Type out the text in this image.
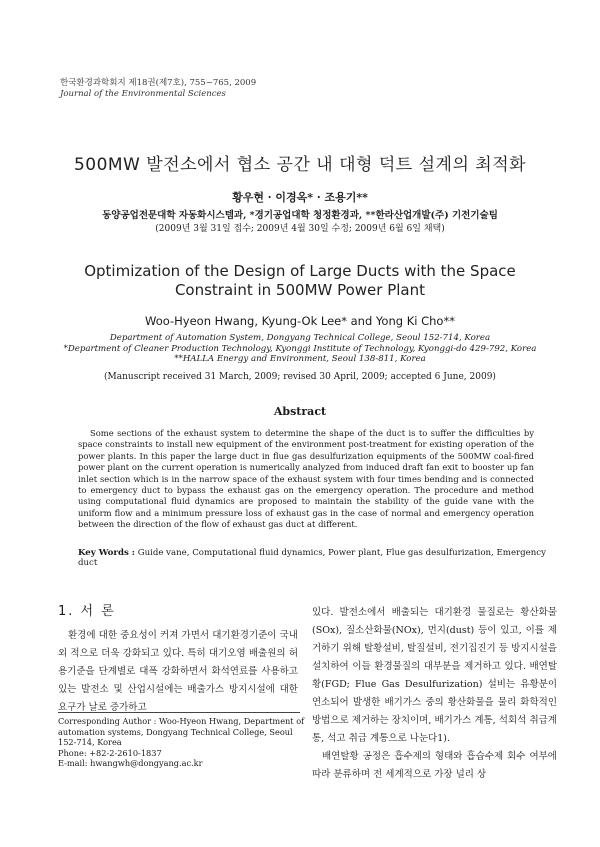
한국환경과학회지 제18권(제7호), 755~765, 2009
Journal of the Environmental Sciences
500MW 발전소에서 협소 공간 내 대형 덕트 설계의 최적화
황우현 · 이경옥* · 조용기**
동양공업전문대학 자동화시스템과, *경기공업대학 청정환경과, **한라산업개발(주) 기전기술팀
(2009년 3월 31일 접수; 2009년 4월 30일 수정; 2009년 6월 6일 채택)
Optimization of the Design of Large Ducts with the Space
Constraint in 500MW Power Plant
Woo-Hyeon Hwang, Kyung-Ok Lee* and Yong Ki Cho**
Department of Automation System, Dongyang Technical College, Seoul 152-714, Korea
*Department of Cleaner Production Technology, Kyonggi Institute of Technology, Kyonggi-do 429-792, Korea
**HALLA Energy and Environment, Seoul 138-811, Korea
(Manuscript received 31 March, 2009; revised 30 April, 2009; accepted 6 June, 2009)
Abstract

Some sections of the exhaust system to determine the shape of the duct is to suffer the difficulties by space constraints to install new equipment of the environment post-treatment for existing operation of the power plants. In this paper the large duct in flue gas desulfurization equipments of the 500MW coal-fired power plant on the current operation is numerically analyzed from induced draft fan exit to booster up fan inlet section which is in the narrow space of the exhaust system with four times bending and is connected to emergency duct to bypass the exhaust gas on the emergency operation. The procedure and method using computational fluid dynamics are proposed to maintain the stability of the guide vane with the uniform flow and a minimum pressure loss of exhaust gas in the case of normal and emergency operation between the direction of the flow of exhaust gas duct at different.

Key Words : Guide vane, Computational fluid dynamics, Power plant, Flue gas desulfurization, Emergency duct
1. 서 론

환경에 대한 중요성이 커져 가면서 대기환경기준이 국내외 적으로 더욱 강화되고 있다. 특히 대기오염 배출원의 허용기준을 단계별로 대폭 강화하면서 화석연료를 사용하고 있는 발전소 및 산업시설에는 배출가스 방지시설에 대한 요구가 날로 증가하고

있다. 발전소에서 배출되는 대기환경 물질로는 황산화물(SOx), 질소산화물(NOx), 먼지(dust) 등이 있고, 이를 제거하기 위해 탈황설비, 탈질설비, 전기집진기 등 방지시설을 설치하여 이들 환경물질의 대부분을 제거하고 있다. 배연탈황(FGD; Flue Gas Desulfurization) 설비는 유황분이 연소되어 발생한 배기가스 중의 황산화물을 물리 화학적인 방법으로 제거하는 장치이며, 배기가스 계통, 석회석 취급계통, 석고 취급 계통으로 나눈다1).

배연탈황 공정은 흡수제의 형태와 흡습수제 회수 여부에 따라 분류하며 전 세계적으로 가장 널리 상

Corresponding Author : Woo-Hyeon Hwang, Department of automation systems, Dongyang Technical College, Seoul 152-714, Korea
Phone: +82-2-2610-1837
E-mail: hwangwh@dongyang.ac.kr
